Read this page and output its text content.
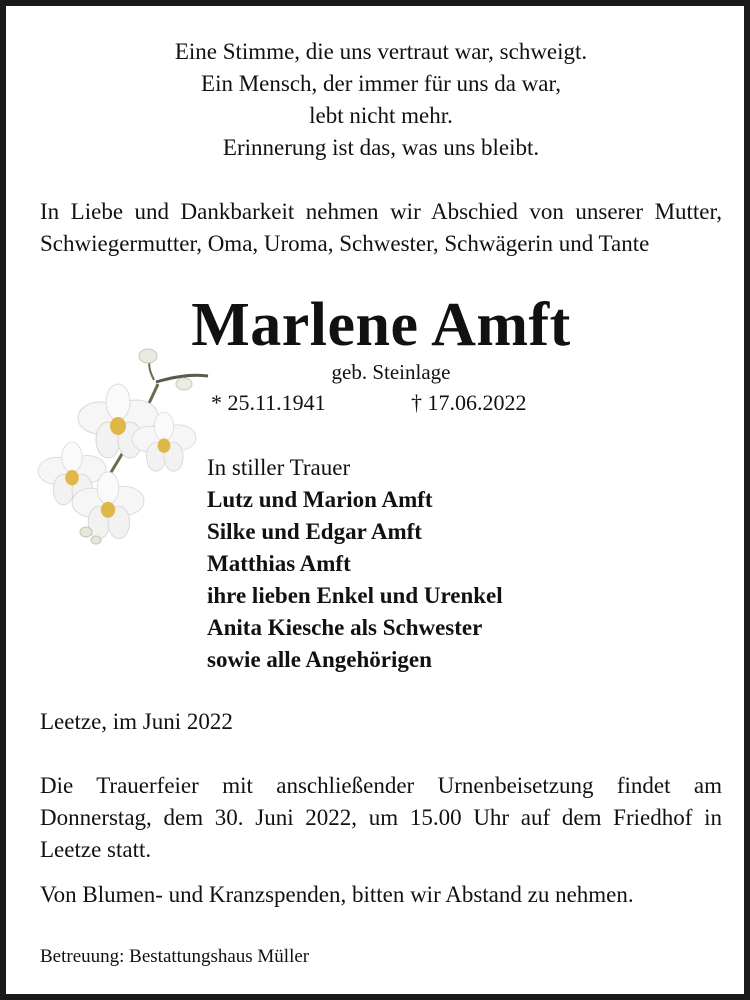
Eine Stimme, die uns vertraut war, schweigt.
Ein Mensch, der immer für uns da war,
lebt nicht mehr.
Erinnerung ist das, was uns bleibt.
In Liebe und Dankbarkeit nehmen wir Abschied von unserer Mutter, Schwiegermutter, Oma, Uroma, Schwester, Schwägerin und Tante
Marlene Amft
geb. Steinlage
* 25.11.1941	† 17.06.2022
In stiller Trauer
Lutz und Marion Amft
Silke und Edgar Amft
Matthias Amft
ihre lieben Enkel und Urenkel
Anita Kiesche als Schwester
sowie alle Angehörigen
Leetze, im Juni 2022
Die Trauerfeier mit anschließender Urnenbeisetzung findet am Donnerstag, dem 30. Juni 2022, um 15.00 Uhr auf dem Friedhof in Leetze statt.
Von Blumen- und Kranzspenden, bitten wir Abstand zu nehmen.
Betreuung: Bestattungshaus Müller
